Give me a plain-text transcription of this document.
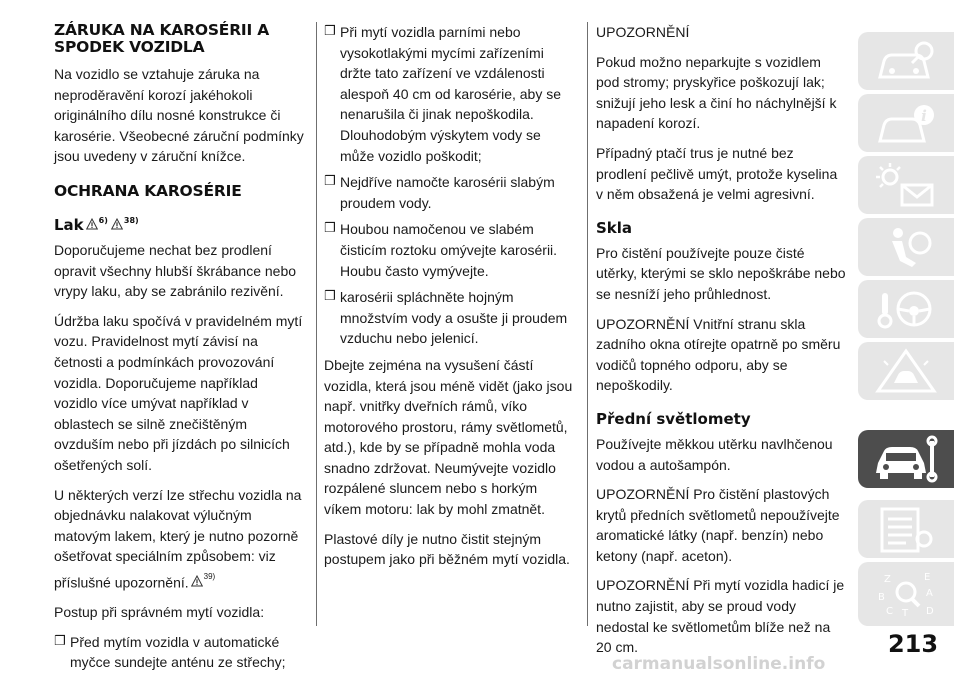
ZÁRUKA NA KAROSÉRII A SPODEK VOZIDLA

Na vozidlo se vztahuje záruka na neproděravění korozí jakéhokoli originálního dílu nosné konstrukce či karosérie. Všeobecné záruční podmínky jsou uvedeny v záruční knížce.

OCHRANA KAROSÉRIE
Lak 6) 38)

Doporučujeme nechat bez prodlení opravit všechny hlubší škrábance nebo vrypy laku, aby se zabránilo rezivění.

Údržba laku spočívá v pravidelném mytí vozu. Pravidelnost mytí závisí na četnosti a podmínkách provozování vozidla. Doporučujeme například vozidlo více umývat například v oblastech se silně znečištěným ovzduším nebo při jízdách po silnicích ošetřených solí.

U některých verzí lze střechu vozidla na objednávku nalakovat výlučným matovým lakem, který je nutno pozorně ošetřovat speciálním způsobem: viz příslušné upozornění. 39)

Postup při správném mytí vozidla:

❒ Před mytím vozidla v automatické myčce sundejte anténu ze střechy;
❒ Při mytí vozidla parními nebo vysokotlakými mycími zařízeními držte tato zařízení ve vzdálenosti alespoň 40 cm od karosérie, aby se nenarušila či jinak nepoškodila. Dlouhodobým výskytem vody se může vozidlo poškodit;
❒ Nejdříve namočte karosérii slabým proudem vody.
❒ Houbou namočenou ve slabém čisticím roztoku omývejte karosérii. Houbu často vymývejte.
❒ karosérii spláchněte hojným množstvím vody a osušte ji proudem vzduchu nebo jelenicí.

Dbejte zejména na vysušení částí vozidla, která jsou méně vidět (jako jsou např. vnitřky dveřních rámů, víko motorového prostoru, rámy světlometů, atd.), kde by se případně mohla voda snadno zdržovat. Neumývejte vozidlo rozpálené sluncem nebo s horkým víkem motoru: lak by mohl zmatnět.

Plastové díly je nutno čistit stejným postupem jako při běžném mytí vozidla.

UPOZORNĚNÍ

Pokud možno neparkujte s vozidlem pod stromy; pryskyřice poškozují lak; snižují jeho lesk a činí ho náchylnější k napadení korozí.

Případný ptačí trus je nutné bez prodlení pečlivě umýt, protože kyselina v něm obsažená je velmi agresivní.

Skla

Pro čistění používejte pouze čisté utěrky, kterými se sklo nepoškrábe nebo se nesníží jeho průhlednost.

UPOZORNĚNÍ Vnitřní stranu skla zadního okna otírejte opatrně po směru vodičů topného odporu, aby se nepoškodily.

Přední světlomety

Používejte měkkou utěrku navlhčenou vodou a autošampón.

UPOZORNĚNÍ Pro čistění plastových krytů předních světlometů nepoužívejte aromatické látky (např. benzín) nebo ketony (např. aceton).

UPOZORNĚNÍ Při mytí vozidla hadicí je nutno zajistit, aby se proud vody nedostal ke světlometům blíže než na 20 cm.

i
Z	E
B	A
C T D
213
carmanualsonline.info
